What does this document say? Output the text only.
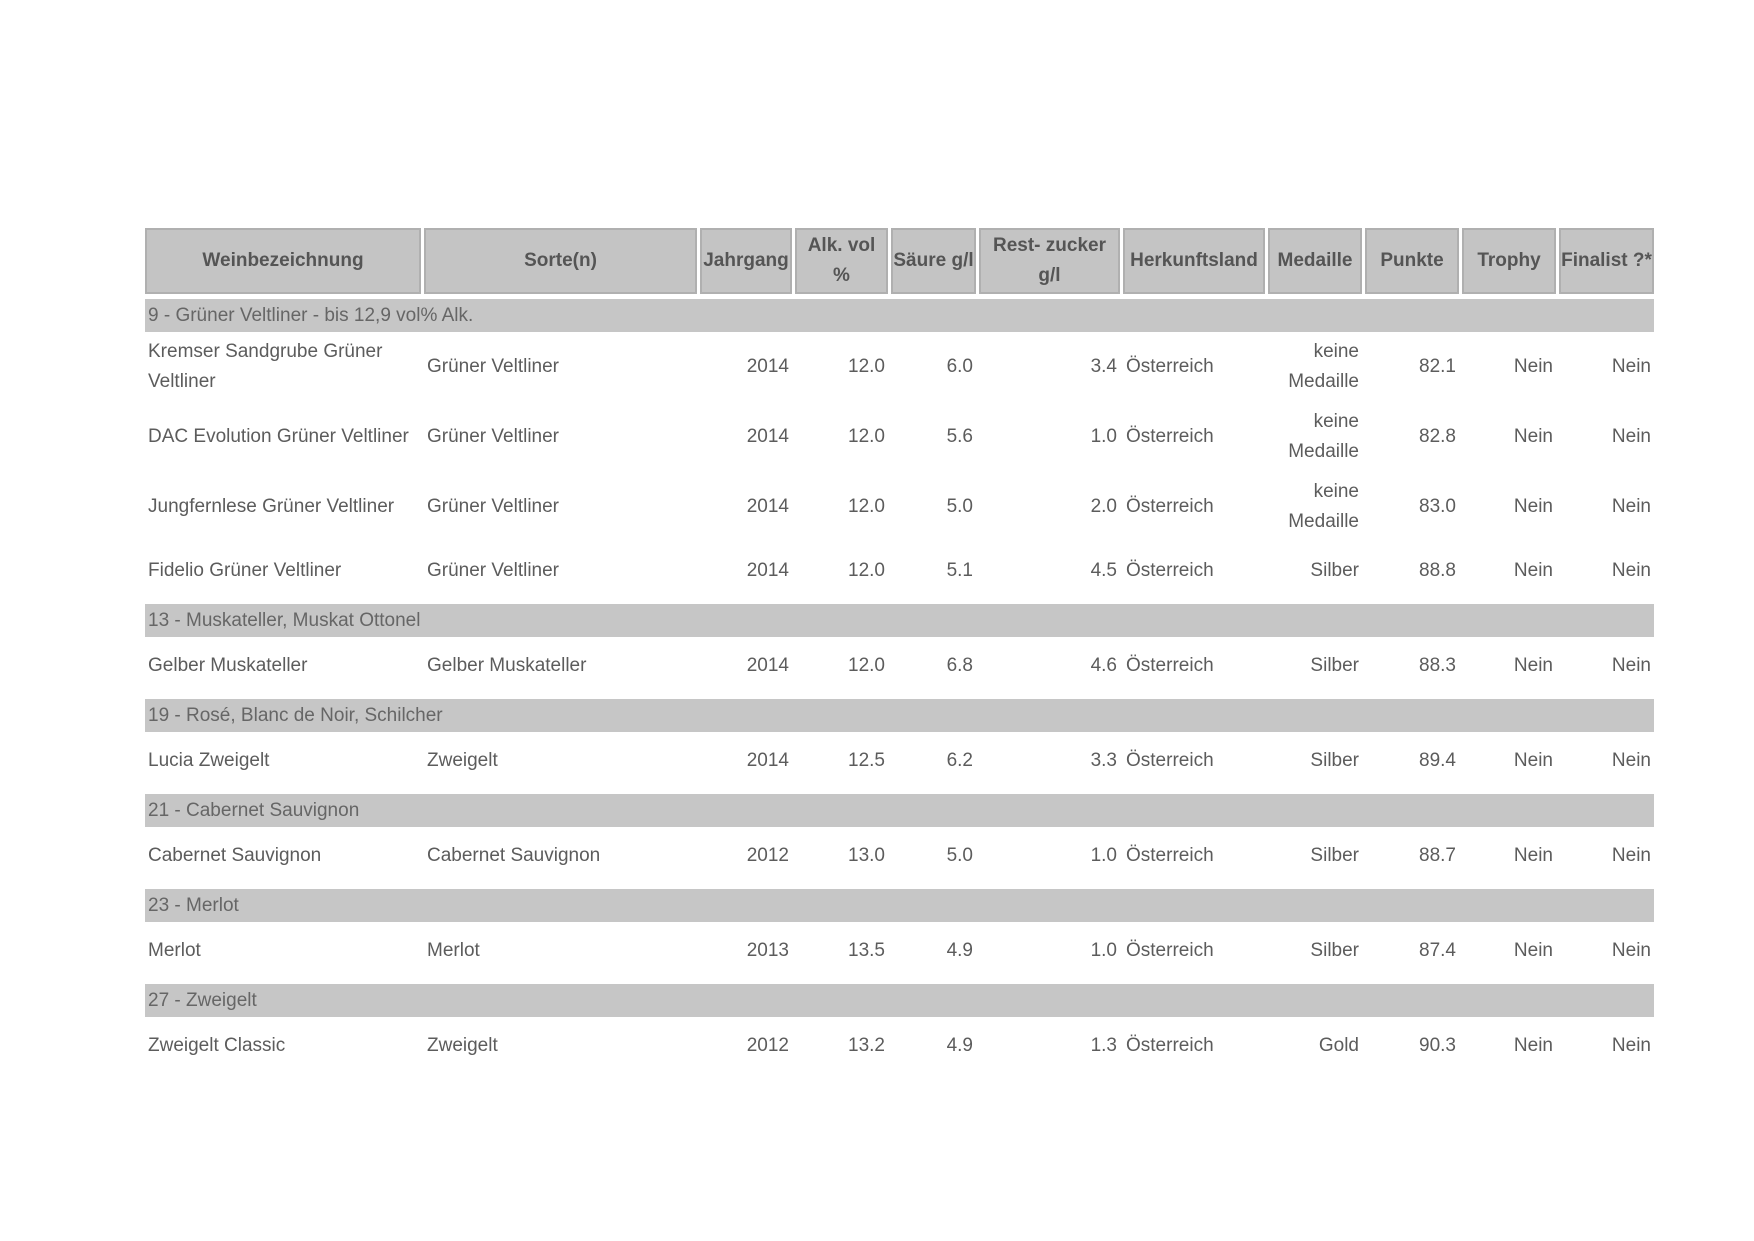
Weinbezeichnung	Sorte(n)	Jahrgang	Alk. vol %	Säure g/l	Rest- zucker g/l	Herkunftsland	Medaille	Punkte	Trophy	Finalist ?*

9 - Grüner Veltliner - bis 12,9 vol% Alk.										
Kremser Sandgrube Grüner Veltliner	Grüner Veltliner	2014	12.0	6.0	3.4	Österreich	keine Medaille	82.1	Nein	Nein
DAC Evolution Grüner Veltliner	Grüner Veltliner	2014	12.0	5.6	1.0	Österreich	keine Medaille	82.8	Nein	Nein
Jungfernlese Grüner Veltliner	Grüner Veltliner	2014	12.0	5.0	2.0	Österreich	keine Medaille	83.0	Nein	Nein
Fidelio Grüner Veltliner	Grüner Veltliner	2014	12.0	5.1	4.5	Österreich	Silber	88.8	Nein	Nein

13 - Muskateller, Muskat Ottonel										
Gelber Muskateller	Gelber Muskateller	2014	12.0	6.8	4.6	Österreich	Silber	88.3	Nein	Nein

19 - Rosé, Blanc de Noir, Schilcher										
Lucia Zweigelt	Zweigelt	2014	12.5	6.2	3.3	Österreich	Silber	89.4	Nein	Nein

21 - Cabernet Sauvignon										
Cabernet Sauvignon	Cabernet Sauvignon	2012	13.0	5.0	1.0	Österreich	Silber	88.7	Nein	Nein

23 - Merlot										
Merlot	Merlot	2013	13.5	4.9	1.0	Österreich	Silber	87.4	Nein	Nein

27 - Zweigelt										
Zweigelt Classic	Zweigelt	2012	13.2	4.9	1.3	Österreich	Gold	90.3	Nein	Nein
